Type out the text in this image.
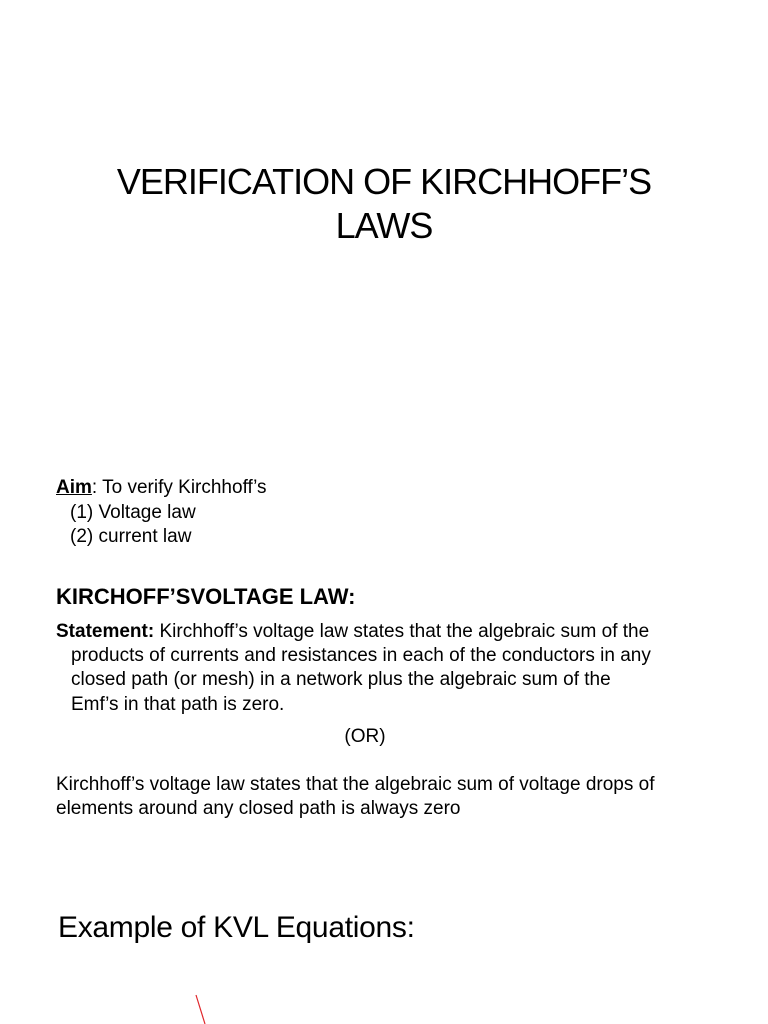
VERIFICATION OF KIRCHHOFF’S
LAWS
Aim: To verify Kirchhoff’s
(1) Voltage law
(2) current law
KIRCHOFF’SVOLTAGE LAW:
Statement: Kirchhoff’s voltage law states that the algebraic sum of the
products of currents and resistances in each of the conductors in any
closed path (or mesh) in a network plus the algebraic sum of the
Emf’s in that path is zero.
(OR)
Kirchhoff’s voltage law states that the algebraic sum of voltage drops of
elements around any closed path is always zero
Example of KVL Equations:
